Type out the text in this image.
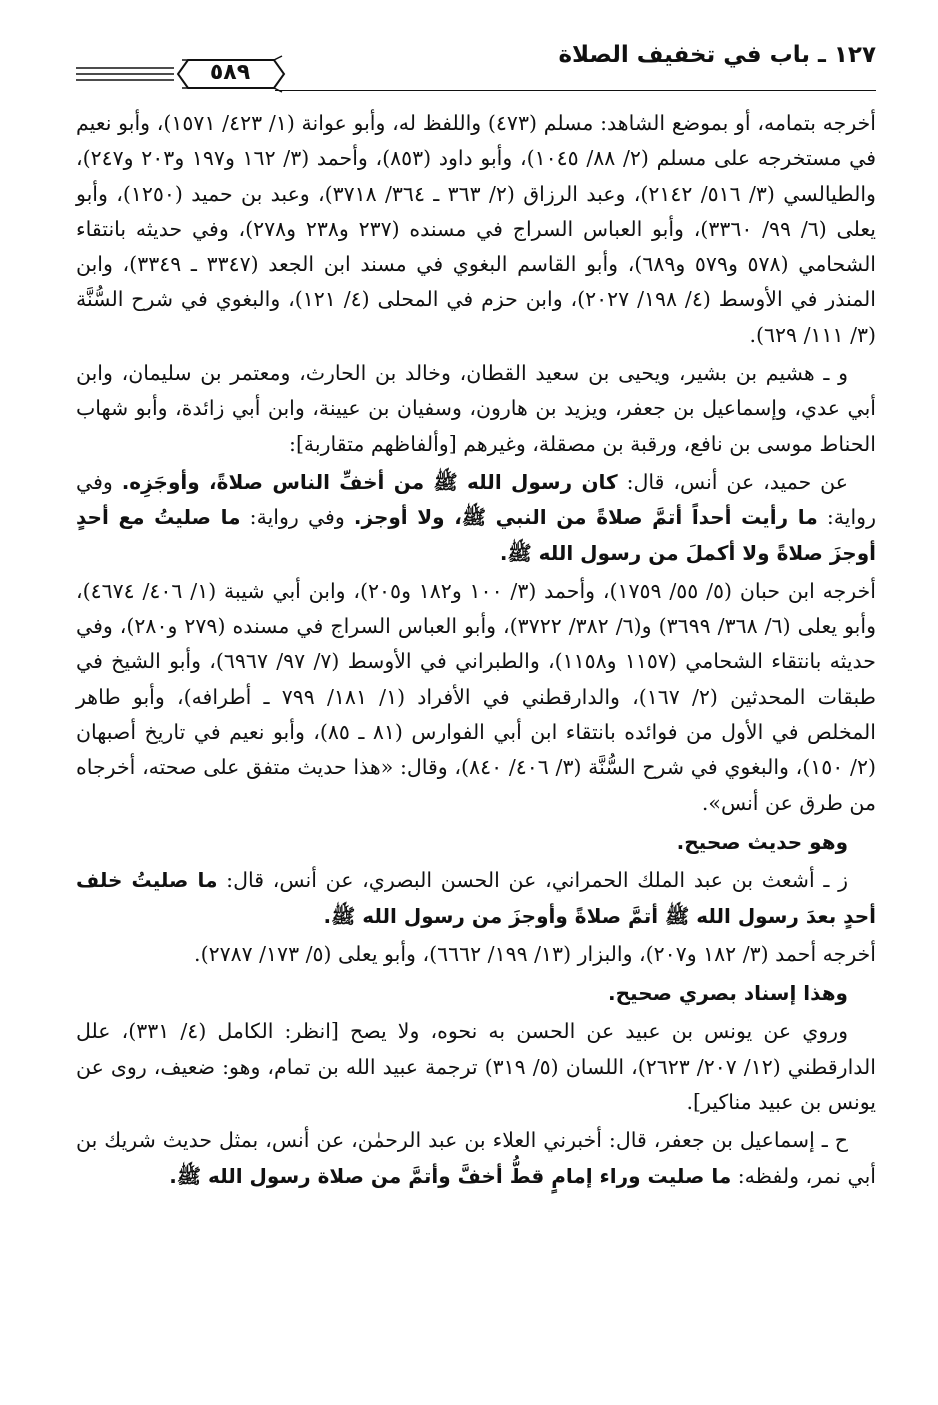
١٢٧ ـ باب في تخفيف الصلاة
٥٨٩

أخرجه بتمامه، أو بموضع الشاهد: مسلم (٤٧٣) واللفظ له، وأبو عوانة (١/ ٤٢٣/ ١٥٧١)، وأبو نعيم في مستخرجه على مسلم (٢/ ٨٨/ ١٠٤٥)، وأبو داود (٨٥٣)، وأحمد (٣/ ١٦٢ و١٩٧ و٢٠٣ و٢٤٧)، والطيالسي (٣/ ٥١٦/ ٢١٤٢)، وعبد الرزاق (٢/ ٣٦٣ ـ ٣٦٤/ ٣٧١٨)، وعبد بن حميد (١٢٥٠)، وأبو يعلى (٦/ ٩٩/ ٣٣٦٠)، وأبو العباس السراج في مسنده (٢٣٧ و٢٣٨ و٢٧٨)، وفي حديثه بانتقاء الشحامي (٥٧٨ و٥٧٩ و٦٨٩)، وأبو القاسم البغوي في مسند ابن الجعد (٣٣٤٧ ـ ٣٣٤٩)، وابن المنذر في الأوسط (٤/ ١٩٨/ ٢٠٢٧)، وابن حزم في المحلى (٤/ ١٢١)، والبغوي في شرح السُّنَّة (٣/ ١١١/ ٦٢٩).

و ـ هشيم بن بشير، ويحيى بن سعيد القطان، وخالد بن الحارث، ومعتمر بن سليمان، وابن أبي عدي، وإسماعيل بن جعفر، ويزيد بن هارون، وسفيان بن عيينة، وابن أبي زائدة، وأبو شهاب الحناط موسى بن نافع، ورقبة بن مصقلة، وغيرهم [وألفاظهم متقاربة]:

عن حميد، عن أنس، قال: كان رسول الله ﷺ من أخفِّ الناس صلاةً، وأوجَزِه. وفي رواية: ما رأيت أحداً أتمَّ صلاةً من النبي ﷺ، ولا أوجز. وفي رواية: ما صليتُ مع أحدٍ أوجزَ صلاةً ولا أكملَ من رسول الله ﷺ.

أخرجه ابن حبان (٥/ ٥٥/ ١٧٥٩)، وأحمد (٣/ ١٠٠ و١٨٢ و٢٠٥)، وابن أبي شيبة (١/ ٤٠٦/ ٤٦٧٤)، وأبو يعلى (٦/ ٣٦٨/ ٣٦٩٩) و(٦/ ٣٨٢/ ٣٧٢٢)، وأبو العباس السراج في مسنده (٢٧٩ و٢٨٠)، وفي حديثه بانتقاء الشحامي (١١٥٧ و١١٥٨)، والطبراني في الأوسط (٧/ ٩٧/ ٦٩٦٧)، وأبو الشيخ في طبقات المحدثين (٢/ ١٦٧)، والدارقطني في الأفراد (١/ ١٨١/ ٧٩٩ ـ أطرافه)، وأبو طاهر المخلص في الأول من فوائده بانتقاء ابن أبي الفوارس (٨١ ـ ٨٥)، وأبو نعيم في تاريخ أصبهان (٢/ ١٥٠)، والبغوي في شرح السُّنَّة (٣/ ٤٠٦/ ٨٤٠)، وقال: «هذا حديث متفق على صحته، أخرجاه من طرق عن أنس».

وهو حديث صحيح.

ز ـ أشعث بن عبد الملك الحمراني، عن الحسن البصري، عن أنس، قال: ما صليتُ خلف أحدٍ بعدَ رسول الله ﷺ أتمَّ صلاةً وأوجزَ من رسول الله ﷺ.

أخرجه أحمد (٣/ ١٨٢ و٢٠٧)، والبزار (١٣/ ١٩٩/ ٦٦٦٢)، وأبو يعلى (٥/ ١٧٣/ ٢٧٨٧).

وهذا إسناد بصري صحيح.

وروي عن يونس بن عبيد عن الحسن به نحوه، ولا يصح [انظر: الكامل (٤/ ٣٣١)، علل الدارقطني (١٢/ ٢٠٧/ ٢٦٢٣)، اللسان (٥/ ٣١٩) ترجمة عبيد الله بن تمام، وهو: ضعيف، روى عن يونس بن عبيد مناكير].

ح ـ إسماعيل بن جعفر، قال: أخبرني العلاء بن عبد الرحمٰن، عن أنس، بمثل حديث شريك بن أبي نمر، ولفظه: ما صليت وراء إمامٍ قطُّ أخفَّ وأتمَّ من صلاة رسول الله ﷺ.
